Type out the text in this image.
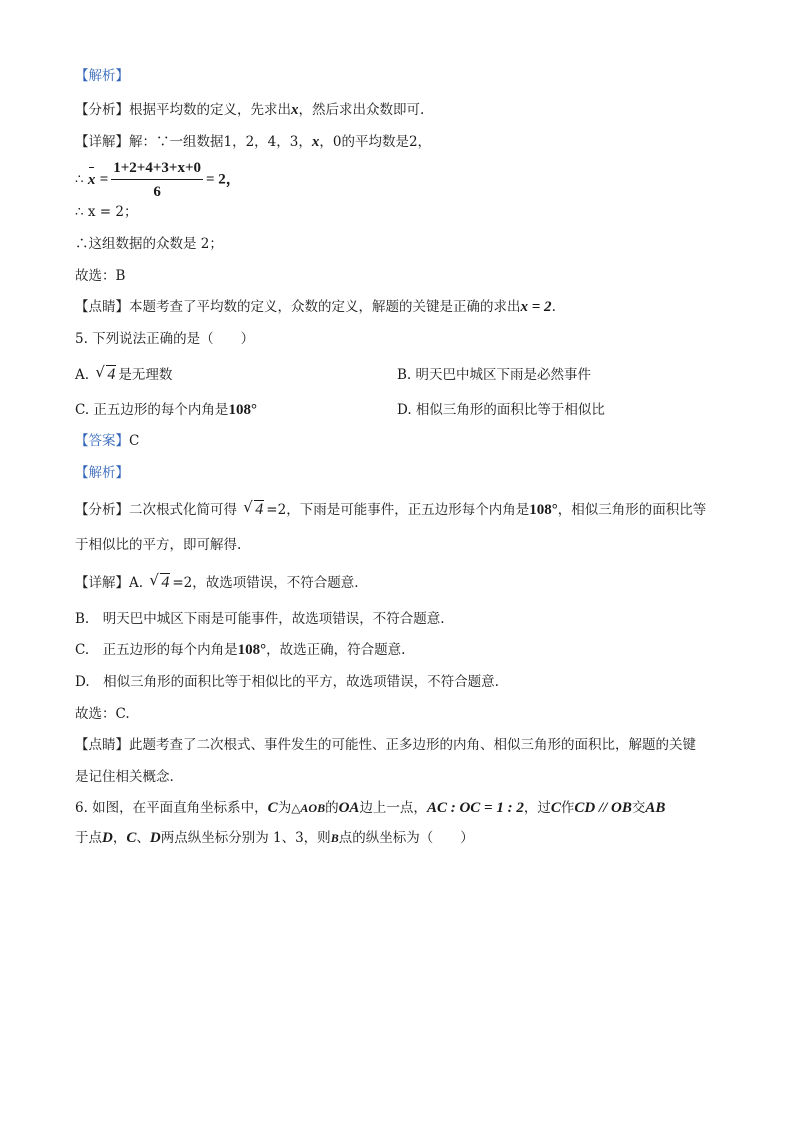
【解析】
【分析】根据平均数的定义，先求出x，然后求出众数即可.
【详解】解：∵一组数据1，2，4，3，x，0的平均数是2，
∴ $x = \frac{1+2+4+3+x+0}{6} = 2$，
∴ x = 2；
∴这组数据的众数是 2；
故选：B
【点睛】本题考查了平均数的定义，众数的定义，解题的关键是正确的求出x = 2.
5. 下列说法正确的是（　　）
A. √ 4 是无理数	B. 明天巴中城区下雨是必然事件
C. 正五边形的每个内角是108°	D. 相似三角形的面积比等于相似比
【答案】C
【解析】
【分析】二次根式化简可得 √ 4 =2，下雨是可能事件，正五边形每个内角是108°，相似三角形的面积比等
于相似比的平方，即可解得.
【详解】A. √ 4 =2，故选项错误，不符合题意.
B.　明天巴中城区下雨是可能事件，故选项错误，不符合题意.
C.　正五边形的每个内角是108°，故选正确，符合题意.
D.　相似三角形的面积比等于相似比的平方，故选项错误，不符合题意.
故选：C.
【点睛】此题考查了二次根式、事件发生的可能性、正多边形的内角、相似三角形的面积比，解题的关键
是记住相关概念.
6. 如图，在平面直角坐标系中，C为△AOB的OA边上一点，AC : OC = 1 : 2，过C作CD // OB交AB
于点D，C、D两点纵坐标分别为 1、3，则B点的纵坐标为（　　）
